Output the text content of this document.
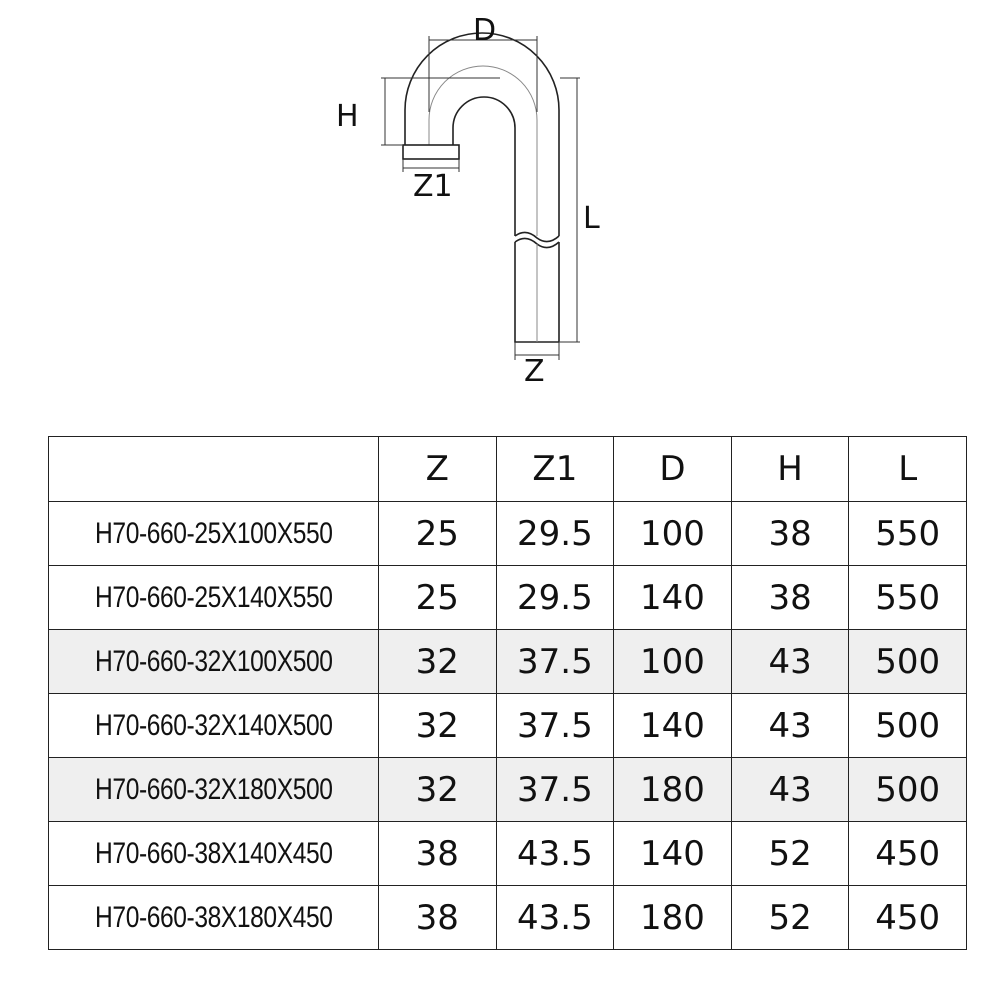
D
H
Z1
L
Z
	Z	Z1	D	H	L
H70-660-25X100X550	25	29.5	100	38	550
H70-660-25X140X550	25	29.5	140	38	550
H70-660-32X100X500	32	37.5	100	43	500
H70-660-32X140X500	32	37.5	140	43	500
H70-660-32X180X500	32	37.5	180	43	500
H70-660-38X140X450	38	43.5	140	52	450
H70-660-38X180X450	38	43.5	180	52	450
